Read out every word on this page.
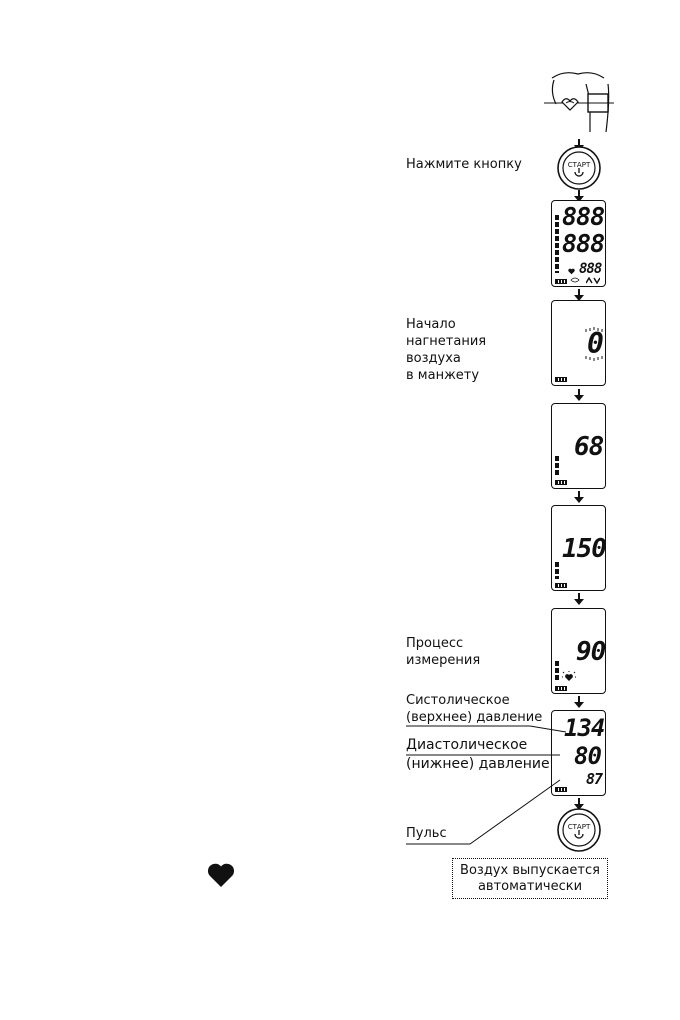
Нажмите кнопку	СТАРТ
888
888
888
Начало
нагнетания
воздуха
в манжету
0
68
150
Процесс
измерения	90
Систолическое
(верхнее) давление
Диастолическое
(нижнее) давление
134
80
87
СТАРТ
Пульс
Воздух выпускается
автоматически
